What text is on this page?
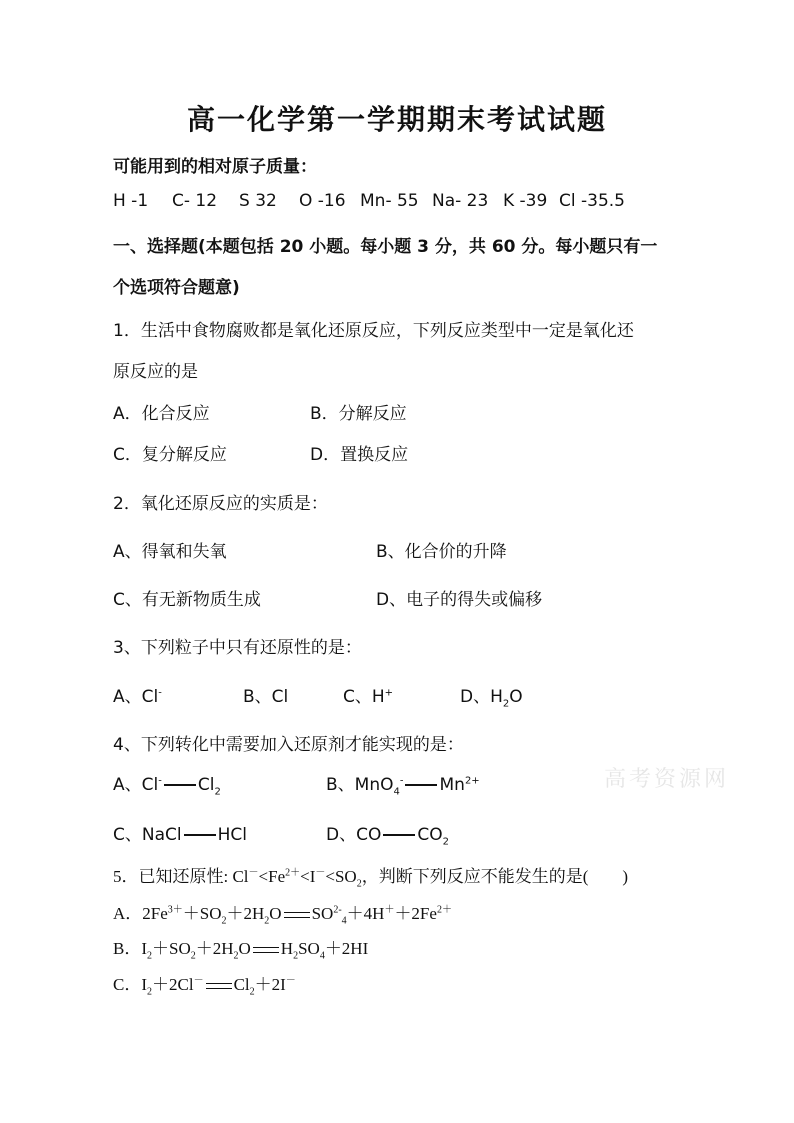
高一化学第一学期期末考试试题
可能用到的相对原子质量：
H -1 C- 12 S 32 O -16 Mn- 55 Na- 23 K -39 Cl -35.5
一、选择题(本题包括 20 小题。每小题 3 分，共 60 分。每小题只有一
个选项符合题意)
1．生活中食物腐败都是氧化还原反应，下列反应类型中一定是氧化还
原反应的是
A．化合反应	B．分解反应
C．复分解反应	D．置换反应
2．氧化还原反应的实质是：
A、得氧和失氧	B、化合价的升降
C、有无新物质生成	D、电子的得失或偏移
3、下列粒子中只有还原性的是：
A、Cl-	B、Cl	C、H+	D、$H_2O$
4、下列转化中需要加入还原剂才能实现的是：
A、Cl- $Cl_2$	B、MnO$_4$- $Mn^{2+}$
C、NaCl HCl	D、CO $CO_2$
5．已知还原性: $Cl^-<Fe^{2+}<I^-<SO_2$，判断下列反应不能发生的是(　　)
A．$2Fe^{3+}+SO_2+2H_2O$ $SO^{2-}_4+4H^++2Fe^{2+}$
B．$I_2+SO_2+2H_2O$ $H_2SO_4+2HI$
C．$I_2+2Cl^-$ $Cl_2+2I^-$
高考资源网
